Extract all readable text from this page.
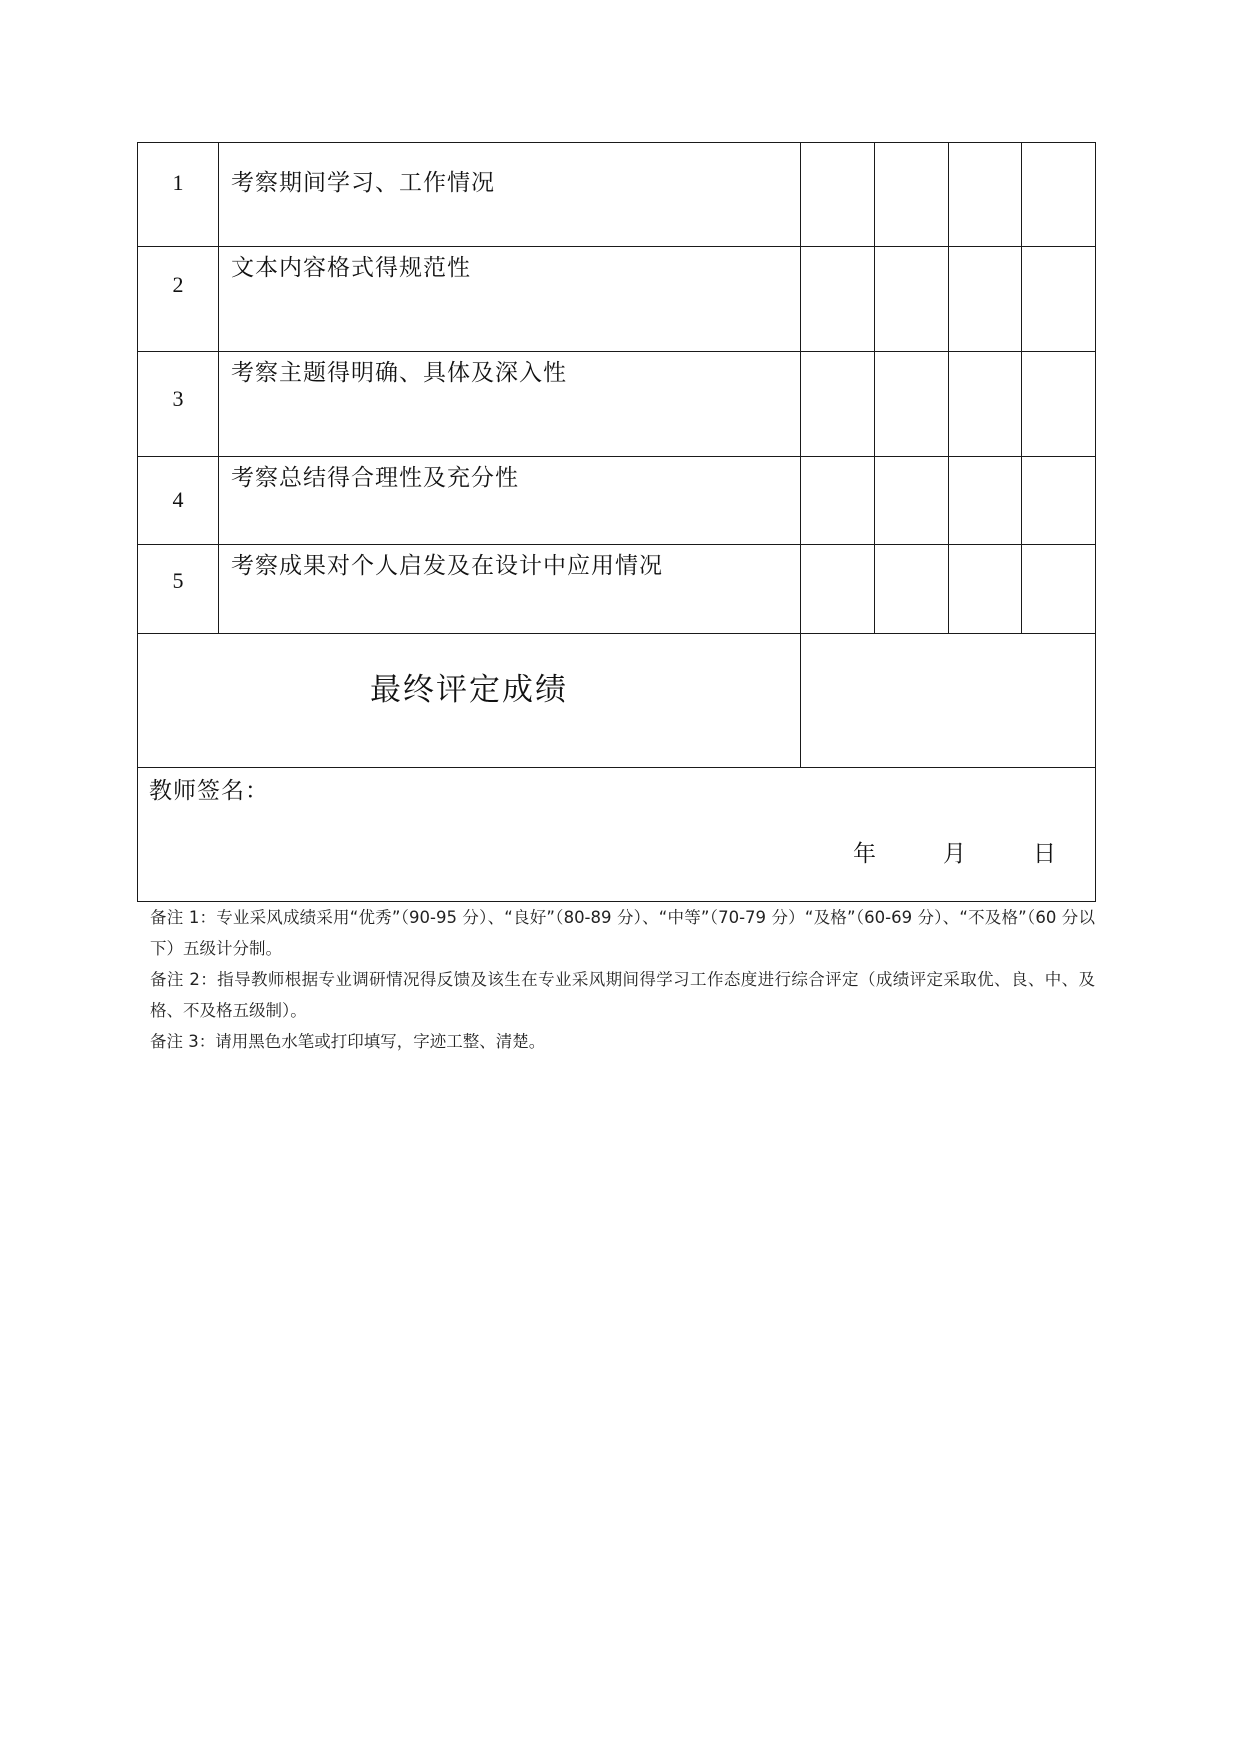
1	考察期间学习、工作情况				

2	文本内容格式得规范性				

3	考察主题得明确、具体及深入性				

4	考察总结得合理性及充分性				

5	考察成果对个人启发及在设计中应用情况				

最终评定成绩					

教师签名：
年 月 日					

备注 1：专业采风成绩采用“优秀”（90-95 分）、“良好”（80-89 分）、“中等”（70-79 分）“及格”（60-69 分）、“不及格”（60 分以下）五级计分制。

备注 2：指导教师根据专业调研情况得反馈及该生在专业采风期间得学习工作态度进行综合评定（成绩评定采取优、良、中、及格、不及格五级制）。

备注 3：请用黑色水笔或打印填写，字迹工整、清楚。
